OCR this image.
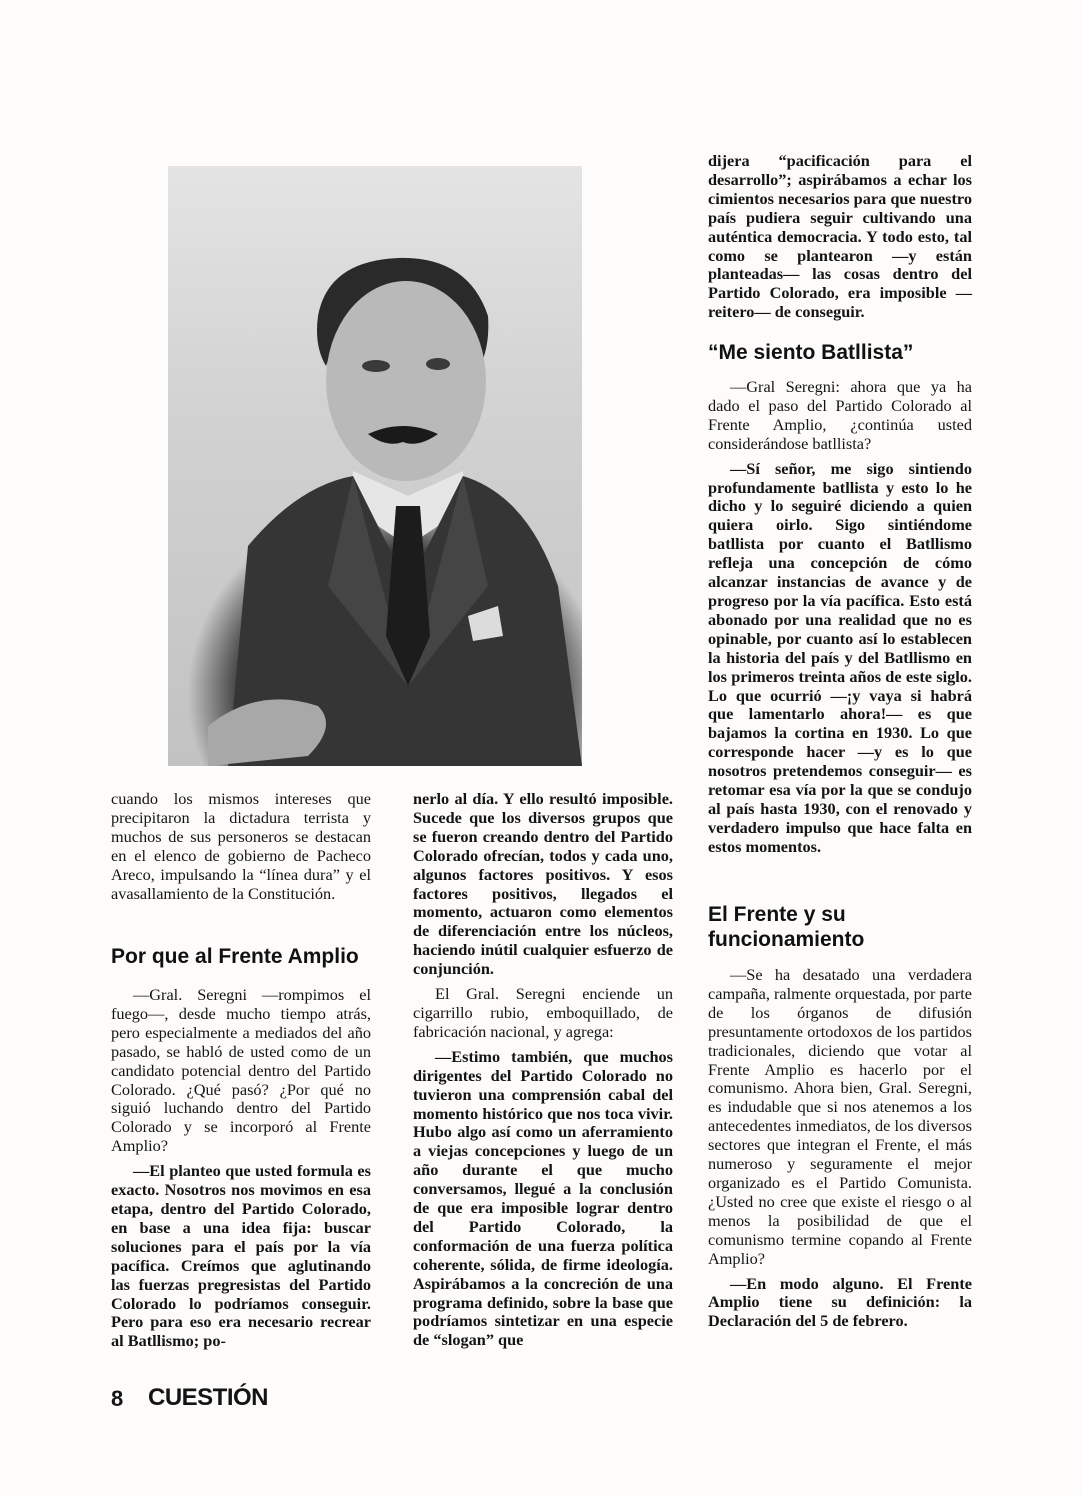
dijera “pacificación para el desarrollo”; aspirábamos a echar los cimientos necesarios para que nuestro país pudiera seguir cultivando una auténtica democracia. Y todo esto, tal como se plantearon —y están planteadas— las cosas dentro del Partido Colorado, era imposible —reitero— de conseguir.

“Me siento Batllista”

—Gral Seregni: ahora que ya ha dado el paso del Partido Colorado al Frente Amplio, ¿continúa usted considerándose batllista?

—Sí señor, me sigo sintiendo profundamente batllista y esto lo he dicho y lo seguiré diciendo a quien quiera oirlo. Sigo sintiéndome batllista por cuanto el Batllismo refleja una concepción de cómo alcanzar instancias de avance y de progreso por la vía pacífica. Esto está abonado por una realidad que no es opinable, por cuanto así lo establecen la historia del país y del Batllismo en los primeros treinta años de este siglo. Lo que ocurrió —¡y vaya si habrá que lamentarlo ahora!— es que bajamos la cortina en 1930. Lo que corresponde hacer —y es lo que nosotros pretendemos conseguir— es retomar esa vía por la que se condujo al país hasta 1930, con el renovado y verdadero impulso que hace falta en estos momentos.

El Frente y su funcionamiento

—Se ha desatado una verdadera campaña, ralmente orquestada, por parte de los órganos de difusión presuntamente ortodoxos de los partidos tradicionales, diciendo que votar al Frente Amplio es hacerlo por el comunismo. Ahora bien, Gral. Seregni, es indudable que si nos atenemos a los antecedentes inmediatos, de los diversos sectores que integran el Frente, el más numeroso y seguramente el mejor organizado es el Partido Comunista. ¿Usted no cree que existe el riesgo o al menos la posibilidad de que el comunismo termine copando al Frente Amplio?

—En modo alguno. El Frente Amplio tiene su definición: la Declaración del 5 de febrero.

cuando los mismos intereses que precipitaron la dictadura terrista y muchos de sus personeros se destacan en el elenco de gobierno de Pacheco Areco, impulsando la “línea dura” y el avasallamiento de la Constitución.

Por que al Frente Amplio

—Gral. Seregni —rompimos el fuego—, desde mucho tiempo atrás, pero especialmente a mediados del año pasado, se habló de usted como de un candidato potencial dentro del Partido Colorado. ¿Qué pasó? ¿Por qué no siguió luchando dentro del Partido Colorado y se incorporó al Frente Amplio?

—El planteo que usted formula es exacto. Nosotros nos movimos en esa etapa, dentro del Partido Colorado, en base a una idea fija: buscar soluciones para el país por la vía pacífica. Creímos que aglutinando las fuerzas pregresistas del Partido Colorado lo podríamos conseguir. Pero para eso era necesario recrear al Batllismo; po-

nerlo al día. Y ello resultó imposible. Sucede que los diversos grupos que se fueron creando dentro del Partido Colorado ofrecían, todos y cada uno, algunos factores positivos. Y esos factores positivos, llegados el momento, actuaron como elementos de diferenciación entre los núcleos, haciendo inútil cualquier esfuerzo de conjunción.

El Gral. Seregni enciende un cigarrillo rubio, emboquillado, de fabricación nacional, y agrega:

—Estimo también, que muchos dirigentes del Partido Colorado no tuvieron una comprensión cabal del momento histórico que nos toca vivir. Hubo algo así como un aferramiento a viejas concepciones y luego de un año durante el que mucho conversamos, llegué a la conclusión de que era imposible lograr dentro del Partido Colorado, la conformación de una fuerza política coherente, sólida, de firme ideología. Aspirábamos a la concreción de una programa definido, sobre la base que podríamos sintetizar en una especie de “slogan” que

8 CUESTIÓN
